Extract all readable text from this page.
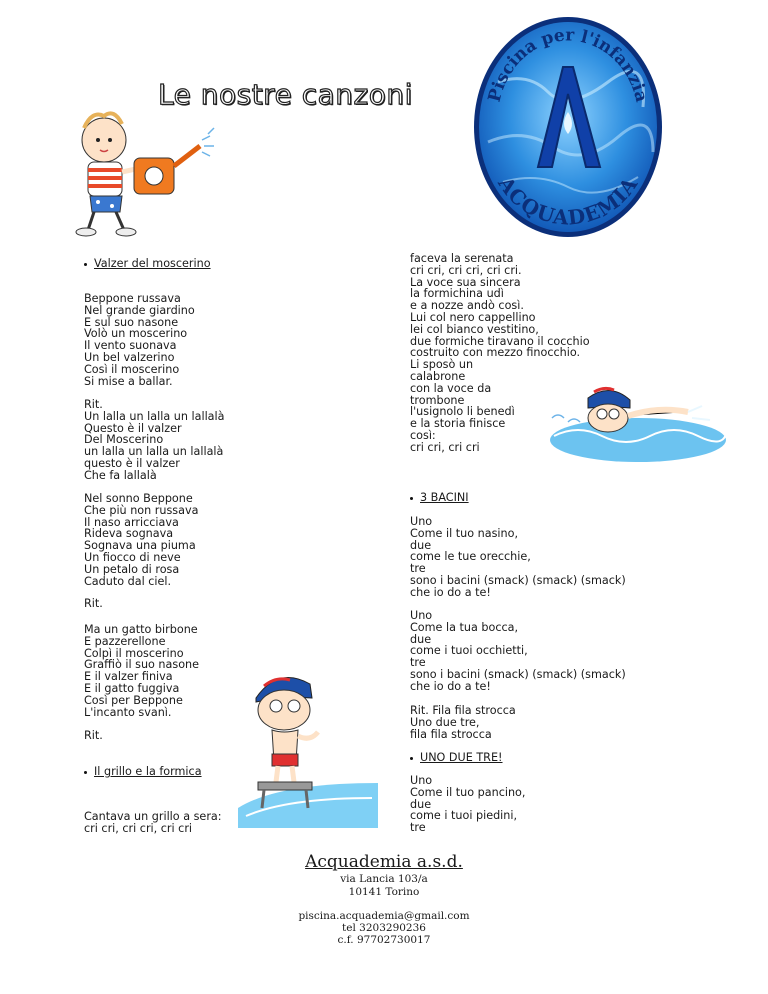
Le nostre canzoni	Piscina per l'infanzia
ACQUADEMIA
Valzer del moscerino

Beppone russava
Nel grande giardino
E sul suo nasone
Volò un moscerino
Il vento suonava
Un bel valzerino
Così il moscerino
Si mise a ballar.

Rit.
Un lalla un lalla un lallalà
Questo è il valzer
Del Moscerino
un lalla un lalla un lallalà
questo è il valzer
Che fa lallalà

Nel sonno Beppone
Che più non russava
Il naso arricciava
Rideva sognava
Sognava una piuma
Un fiocco di neve
Un petalo di rosa
Caduto dal ciel.

Rit.

Ma un gatto birbone
E pazzerellone
Colpì il moscerino
Graffiò il suo nasone
E il valzer finiva
E il gatto fuggiva
Così per Beppone
L'incanto svanì.

Rit.

Il grillo e la formica

Cantava un grillo a sera:
cri cri, cri cri, cri cri

faceva la serenata
cri cri, cri cri, cri cri.
La voce sua sincera
la formichina udì
e a nozze andò così.
Lui col nero cappellino
lei col bianco vestitino,
due formiche tiravano il cocchio
costruito con mezzo finocchio.
Li sposò un
calabrone
con la voce da
trombone
l'usignolo li benedì
e la storia finisce
così:
cri cri, cri cri

3 BACINI

Uno
Come il tuo nasino,
due
come le tue orecchie,
tre
sono i bacini (smack) (smack) (smack)
che io do a te!

Uno
Come la tua bocca,
due
come i tuoi occhietti,
tre
sono i bacini (smack) (smack) (smack)
che io do a te!

Rit. Fila fila strocca
Uno due tre,
fila fila strocca

UNO DUE TRE!

Uno
Come il tuo pancino,
due
come i tuoi piedini,
tre

Acquademia a.s.d.
via Lancia 103/a
10141 Torino
piscina.acquademia@gmail.com
tel 3203290236
c.f. 97702730017
